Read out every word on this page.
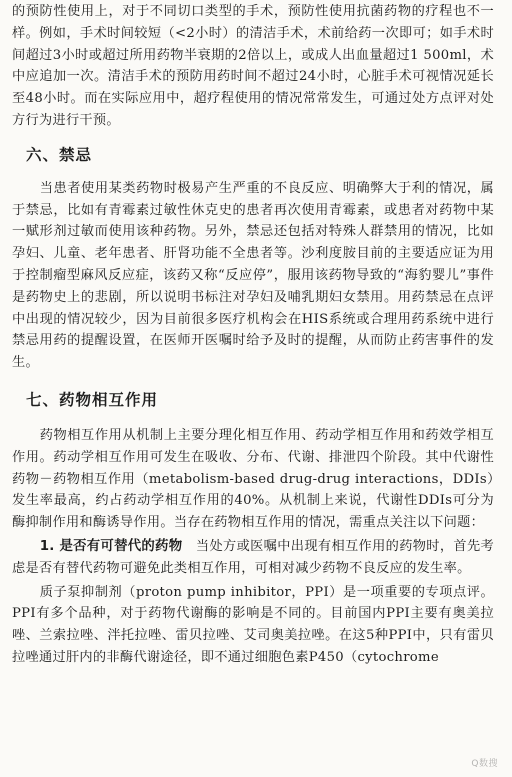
的预防性使用上，对于不同切口类型的手术，预防性使用抗菌药物的疗程也不一样。例如，手术时间较短（<2小时）的清洁手术，术前给药一次即可；如手术时间超过3小时或超过所用药物半衰期的2倍以上，或成人出血量超过1 500ml，术中应追加一次。清洁手术的预防用药时间不超过24小时，心脏手术可视情况延长至48小时。而在实际应用中，超疗程使用的情况常常发生，可通过处方点评对处方行为进行干预。

六、禁忌

当患者使用某类药物时极易产生严重的不良反应、明确弊大于利的情况，属于禁忌，比如有青霉素过敏性休克史的患者再次使用青霉素，或患者对药物中某一赋形剂过敏而使用该种药物。另外，禁忌还包括对特殊人群禁用的情况，比如孕妇、儿童、老年患者、肝肾功能不全患者等。沙利度胺目前的主要适应证为用于控制瘤型麻风反应症，该药又称“反应停”，服用该药物导致的“海豹婴儿”事件是药物史上的悲剧，所以说明书标注对孕妇及哺乳期妇女禁用。用药禁忌在点评中出现的情况较少，因为目前很多医疗机构会在HIS系统或合理用药系统中进行禁忌用药的提醒设置，在医师开医嘱时给予及时的提醒，从而防止药害事件的发生。

七、药物相互作用

药物相互作用从机制上主要分理化相互作用、药动学相互作用和药效学相互作用。药动学相互作用可发生在吸收、分布、代谢、排泄四个阶段。其中代谢性药物－药物相互作用（metabolism-based drug-drug interactions，DDIs）发生率最高，约占药动学相互作用的40%。从机制上来说，代谢性DDIs可分为酶抑制作用和酶诱导作用。当存在药物相互作用的情况，需重点关注以下问题：

1. 是否有可替代的药物　 当处方或医嘱中出现有相互作用的药物时，首先考虑是否有替代药物可避免此类相互作用，可相对减少药物不良反应的发生率。

质子泵抑制剂（proton pump inhibitor，PPI）是一项重要的专项点评。PPI有多个品种，对于药物代谢酶的影响是不同的。目前国内PPI主要有奥美拉唑、兰索拉唑、泮托拉唑、雷贝拉唑、艾司奥美拉唑。在这5种PPI中，只有雷贝拉唑通过肝内的非酶代谢途径，即不通过细胞色素P450（cytochrome

Q数搜
